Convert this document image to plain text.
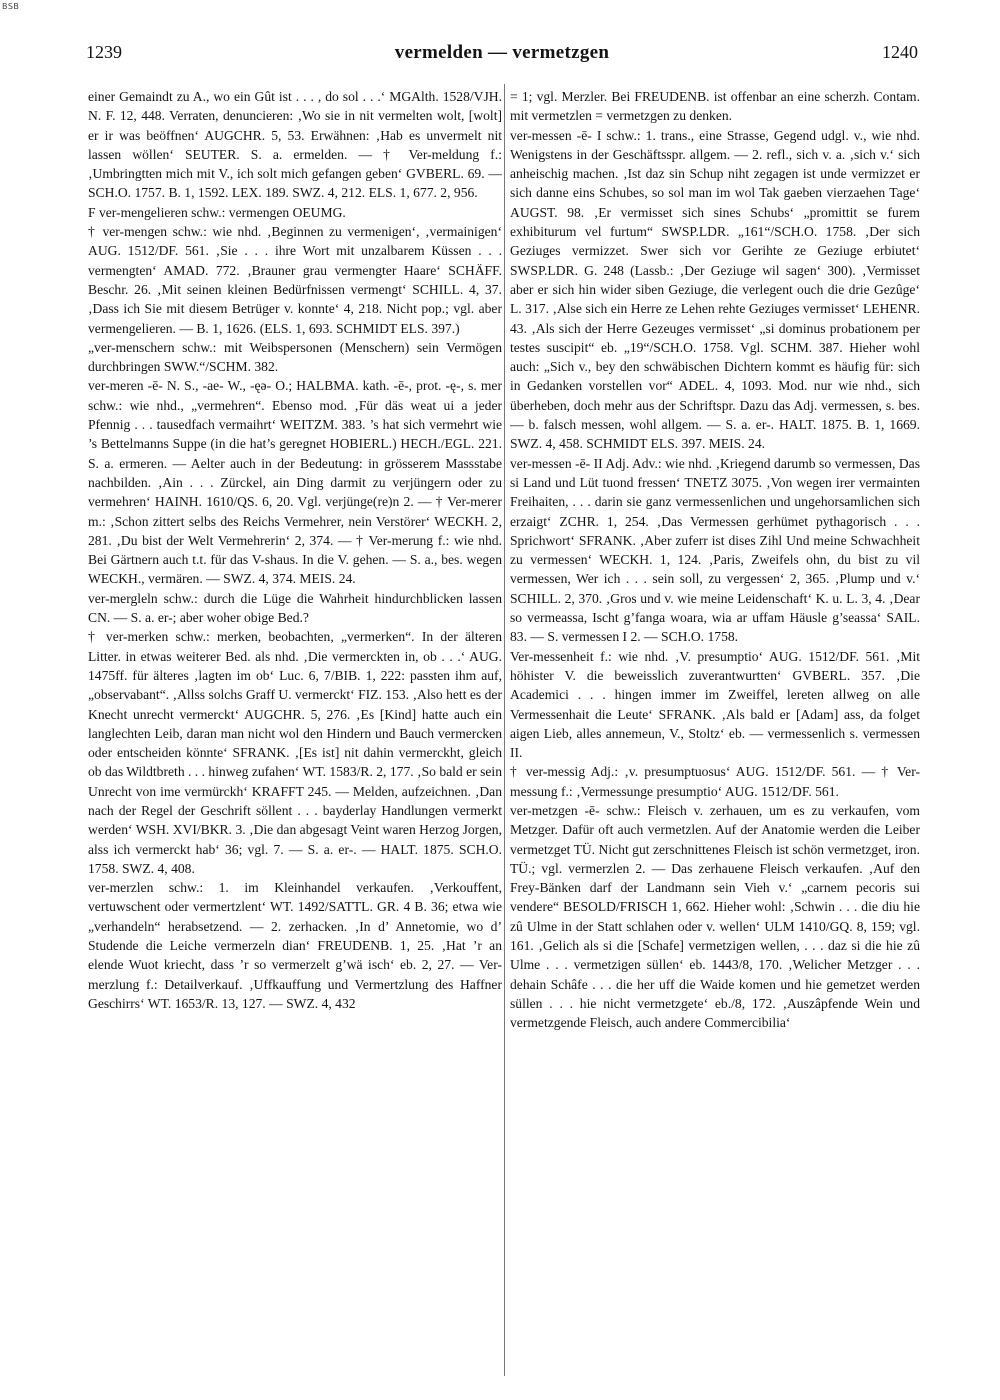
BSB
1239	vermelden — vermetzgen	1240

einer Gemaindt zu A., wo ein Gût ist . . . , do sol . . .‘ MGAlth. 1528/VJH. N. F. 12, 448. Verraten, denuncieren: ‚Wo sie in nit vermelten wolt, [wolt] er ir was beöffnen‘ AUGCHR. 5, 53. Erwähnen: ‚Hab es unvermelt nit lassen wöllen‘ SEUTER. S. a. ermelden. — † Ver-meldung f.: ‚Umbringtten mich mit V., ich solt mich gefangen geben‘ GVBERL. 69. — SCH.O. 1757. B. 1, 1592. LEX. 189. SWZ. 4, 212. ELS. 1, 677. 2, 956.

F ver-mengelieren schw.: vermengen OEUMG.

† ver-mengen schw.: wie nhd. ‚Beginnen zu vermenigen‘, ‚vermainigen‘ AUG. 1512/DF. 561. ‚Sie . . . ihre Wort mit unzalbarem Küssen . . . vermengten‘ AMAD. 772. ‚Brauner grau vermengter Haare‘ SCHÄFF. Beschr. 26. ‚Mit seinen kleinen Bedürfnissen vermengt‘ SCHILL. 4, 37. ‚Dass ich Sie mit diesem Betrüger v. konnte‘ 4, 218. Nicht pop.; vgl. aber vermengelieren. — B. 1, 1626. (ELS. 1, 693. SCHMIDT ELS. 397.)

„ver-menschern schw.: mit Weibspersonen (Menschern) sein Vermögen durchbringen SWW.“/SCHM. 382.

ver-meren -ē- N. S., -ae- W., -ęə- O.; HALBMA. kath. -ē-, prot. -ę-, s. mer schw.: wie nhd., „vermehren“. Ebenso mod. ‚Für däs weat ui a jeder Pfennig . . . tausedfach vermaihrt‘ WEITZM. 383. ’s hat sich vermehrt wie ’s Bettelmanns Suppe (in die hat’s geregnet HOBIERL.) HECH./EGL. 221. S. a. ermeren. — Aelter auch in der Bedeutung: in grösserem Massstabe nachbilden. ‚Ain . . . Zürckel, ain Ding darmit zu verjüngern oder zu vermehren‘ HAINH. 1610/QS. 6, 20. Vgl. verjünge(re)n 2. — † Ver-merer m.: ‚Schon zittert selbs des Reichs Vermehrer, nein Verstörer‘ WECKH. 2, 281. ‚Du bist der Welt Vermehrerin‘ 2, 374. — † Ver-merung f.: wie nhd. Bei Gärtnern auch t.t. für das V-shaus. In die V. gehen. — S. a., bes. wegen WECKH., vermären. — SWZ. 4, 374. MEIS. 24.

ver-mergleln schw.: durch die Lüge die Wahrheit hindurchblicken lassen CN. — S. a. er-; aber woher obige Bed.?

† ver-merken schw.: merken, beobachten, „vermerken“. In der älteren Litter. in etwas weiterer Bed. als nhd. ‚Die vermerckten in, ob . . .‘ AUG. 1475ff. für älteres ‚lagten im ob‘ Luc. 6, 7/BIB. 1, 222: passten ihm auf, „observabant“. ‚Allss solchs Graff U. vermerckt‘ FIZ. 153. ‚Also hett es der Knecht unrecht vermerckt‘ AUGCHR. 5, 276. ‚Es [Kind] hatte auch ein langlechten Leib, daran man nicht wol den Hindern und Bauch vermercken oder entscheiden könnte‘ SFRANK. ‚[Es ist] nit dahin vermerckht, gleich ob das Wildtbreth . . . hinweg zufahen‘ WT. 1583/R. 2, 177. ‚So bald er sein Unrecht von ime vermürckh‘ KRAFFT 245. — Melden, aufzeichnen. ‚Dan nach der Regel der Geschrift söllent . . . bayderlay Handlungen vermerkt werden‘ WSH. XVI/BKR. 3. ‚Die dan abgesagt Veint waren Herzog Jorgen, alss ich vermerckt hab‘ 36; vgl. 7. — S. a. er-. — HALT. 1875. SCH.O. 1758. SWZ. 4, 408.

ver-merzlen schw.: 1. im Kleinhandel verkaufen. ‚Verkouffent, vertuwschent oder vermertzlent‘ WT. 1492/SATTL. GR. 4 B. 36; etwa wie „verhandeln“ herabsetzend. — 2. zerhacken. ‚In d’ Annetomie, wo d’ Studende die Leiche vermerzeln dian‘ FREUDENB. 1, 25. ‚Hat ’r an elende Wuot kriecht, dass ’r so vermerzelt g’wä isch‘ eb. 2, 27. — Ver-merzlung f.: Detailverkauf. ‚Uffkauffung und Vermertzlung des Haffner Geschirrs‘ WT. 1653/R. 13, 127. — SWZ. 4, 432

= 1; vgl. Merzler. Bei FREUDENB. ist offenbar an eine scherzh. Contam. mit vermetzlen = vermetzgen zu denken.

ver-messen -ē- I schw.: 1. trans., eine Strasse, Gegend udgl. v., wie nhd. Wenigstens in der Geschäftsspr. allgem. — 2. refl., sich v. a. ‚sich v.‘ sich anheischig machen. ‚Ist daz sin Schup niht zegagen ist unde vermizzet er sich danne eins Schubes, so sol man im wol Tak gaeben vierzaehen Tage‘ AUGST. 98. ‚Er vermisset sich sines Schubs‘ „promittit se furem exhibiturum vel furtum“ SWSP.LDR. „161“/SCH.O. 1758. ‚Der sich Geziuges vermizzet. Swer sich vor Gerihte ze Geziuge erbiutet‘ SWSP.LDR. G. 248 (Lassb.: ‚Der Geziuge wil sagen‘ 300). ‚Vermisset aber er sich hin wider siben Geziuge, die verlegent ouch die drie Gezûge‘ L. 317. ‚Alse sich ein Herre ze Lehen rehte Geziuges vermisset‘ LEHENR. 43. ‚Als sich der Herre Gezeuges vermisset‘ „si dominus probationem per testes suscipit“ eb. „19“/SCH.O. 1758. Vgl. SCHM. 387. Hieher wohl auch: „Sich v., bey den schwäbischen Dichtern kommt es häufig für: sich in Gedanken vorstellen vor“ ADEL. 4, 1093. Mod. nur wie nhd., sich überheben, doch mehr aus der Schriftspr. Dazu das Adj. vermessen, s. bes. — b. falsch messen, wohl allgem. — S. a. er-. HALT. 1875. B. 1, 1669. SWZ. 4, 458. SCHMIDT ELS. 397. MEIS. 24.

ver-messen -ē- II Adj. Adv.: wie nhd. ‚Kriegend darumb so vermessen, Das si Land und Lüt tuond fressen‘ TNETZ 3075. ‚Von wegen irer vermainten Freihaiten, . . . darin sie ganz vermessenlichen und ungehorsamlichen sich erzaigt‘ ZCHR. 1, 254. ‚Das Vermessen gerhümet pythagorisch . . . Sprichwort‘ SFRANK. ‚Aber zuferr ist dises Zihl Und meine Schwachheit zu vermessen‘ WECKH. 1, 124. ‚Paris, Zweifels ohn, du bist zu vil vermessen, Wer ich . . . sein soll, zu vergessen‘ 2, 365. ‚Plump und v.‘ SCHILL. 2, 370. ‚Gros und v. wie meine Leidenschaft‘ K. u. L. 3, 4. ‚Dear so vermeassa, Ischt g’fanga woara, wia ar uffam Häusle g’seassa‘ SAIL. 83. — S. vermessen I 2. — SCH.O. 1758.

Ver-messenheit f.: wie nhd. ‚V. presumptio‘ AUG. 1512/DF. 561. ‚Mit höhister V. die beweisslich zuverantwurtten‘ GVBERL. 357. ‚Die Academici . . . hingen immer im Zweiffel, lereten allweg on alle Vermessenhait die Leute‘ SFRANK. ‚Als bald er [Adam] ass, da folget aigen Lieb, alles annemeun, V., Stoltz‘ eb. — vermessenlich s. vermessen II.

† ver-messig Adj.: ‚v. presumptuosus‘ AUG. 1512/DF. 561. — † Ver-messung f.: ‚Vermessunge presumptio‘ AUG. 1512/DF. 561.

ver-metzgen -ē- schw.: Fleisch v. zerhauen, um es zu verkaufen, vom Metzger. Dafür oft auch vermetzlen. Auf der Anatomie werden die Leiber vermetzget TÜ. Nicht gut zerschnittenes Fleisch ist schön vermetzget, iron. TÜ.; vgl. vermerzlen 2. — Das zerhauene Fleisch verkaufen. ‚Auf den Frey-Bänken darf der Landmann sein Vieh v.‘ „carnem pecoris sui vendere“ BESOLD/FRISCH 1, 662. Hieher wohl: ‚Schwin . . . die diu hie zû Ulme in der Statt schlahen oder v. wellen‘ ULM 1410/GQ. 8, 159; vgl. 161. ‚Gelich als si die [Schafe] vermetzigen wellen, . . . daz si die hie zû Ulme . . . vermetzigen süllen‘ eb. 1443/8, 170. ‚Welicher Metzger . . . dehain Schâfe . . . die her uff die Waide komen und hie gemetzet werden süllen . . . hie nicht vermetzgete‘ eb./8, 172. ‚Auszâpfende Wein und vermetzgende Fleisch, auch andere Commercibilia‘
